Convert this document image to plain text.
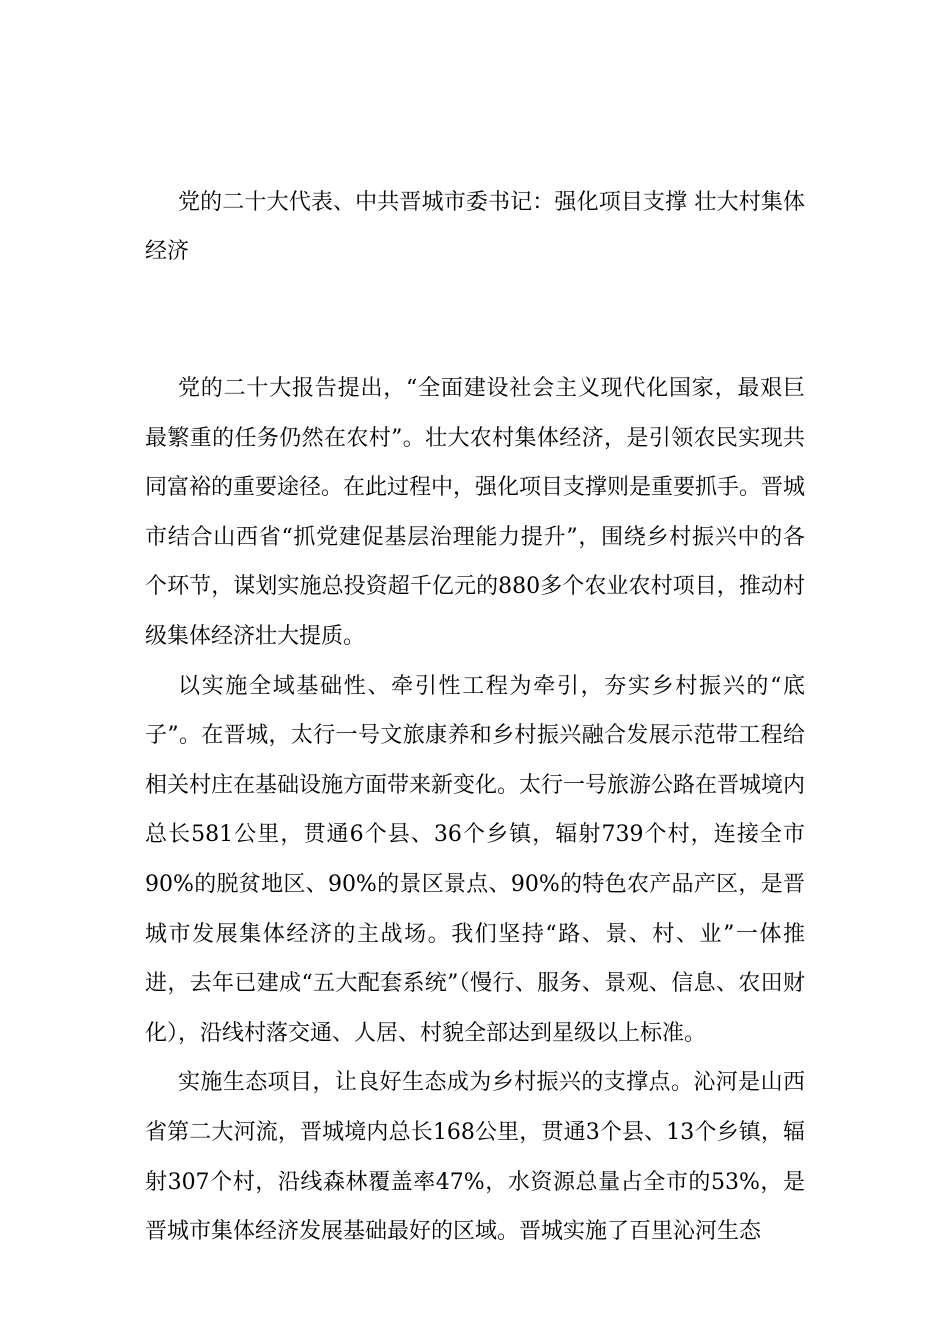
党的二十大代表、中共晋城市委书记：强化项目支撑 壮大村集体经济

党的二十大报告提出，“全面建设社会主义现代化国家，最艰巨最繁重的任务仍然在农村”。壮大农村集体经济，是引领农民实现共同富裕的重要途径。在此过程中，强化项目支撑则是重要抓手。晋城市结合山西省“抓党建促基层治理能力提升”，围绕乡村振兴中的各个环节，谋划实施总投资超千亿元的880多个农业农村项目，推动村级集体经济壮大提质。

以实施全域基础性、牵引性工程为牵引，夯实乡村振兴的“底子”。在晋城，太行一号文旅康养和乡村振兴融合发展示范带工程给相关村庄在基础设施方面带来新变化。太行一号旅游公路在晋城境内总长581公里，贯通6个县、36个乡镇，辐射739个村，连接全市90%的脱贫地区、90%的景区景点、90%的特色农产品产区，是晋城市发展集体经济的主战场。我们坚持“路、景、村、业”一体推进，去年已建成“五大配套系统”（慢行、服务、景观、信息、农田财化），沿线村落交通、人居、村貌全部达到星级以上标准。

实施生态项目，让良好生态成为乡村振兴的支撑点。沁河是山西省第二大河流，晋城境内总长168公里，贯通3个县、13个乡镇，辐射307个村，沿线森林覆盖率47%，水资源总量占全市的53%，是晋城市集体经济发展基础最好的区域。晋城实施了百里沁河生态
